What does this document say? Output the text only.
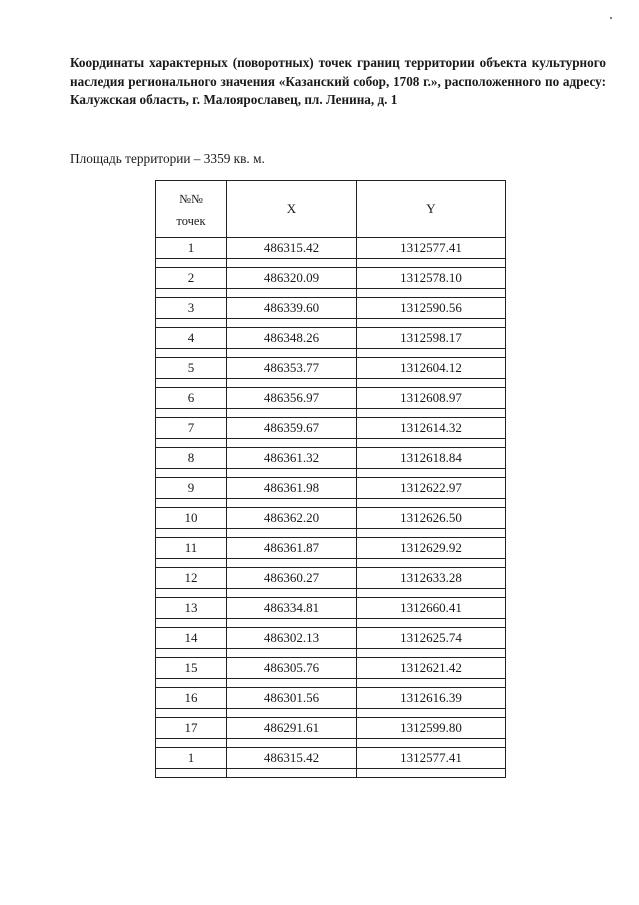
Координаты характерных (поворотных) точек границ территории объекта культурного наследия регионального значения «Казанский собор, 1708 г.», расположенного по адресу: Калужская область, г. Малоярославец, пл. Ленина, д. 1

Площадь территории – 3359 кв. м.

№№
точек	X	Y
1	486315.42	1312577.41

2	486320.09	1312578.10

3	486339.60	1312590.56

4	486348.26	1312598.17

5	486353.77	1312604.12

6	486356.97	1312608.97

7	486359.67	1312614.32

8	486361.32	1312618.84

9	486361.98	1312622.97

10	486362.20	1312626.50

11	486361.87	1312629.92

12	486360.27	1312633.28

13	486334.81	1312660.41

14	486302.13	1312625.74

15	486305.76	1312621.42

16	486301.56	1312616.39

17	486291.61	1312599.80

1	486315.42	1312577.41
